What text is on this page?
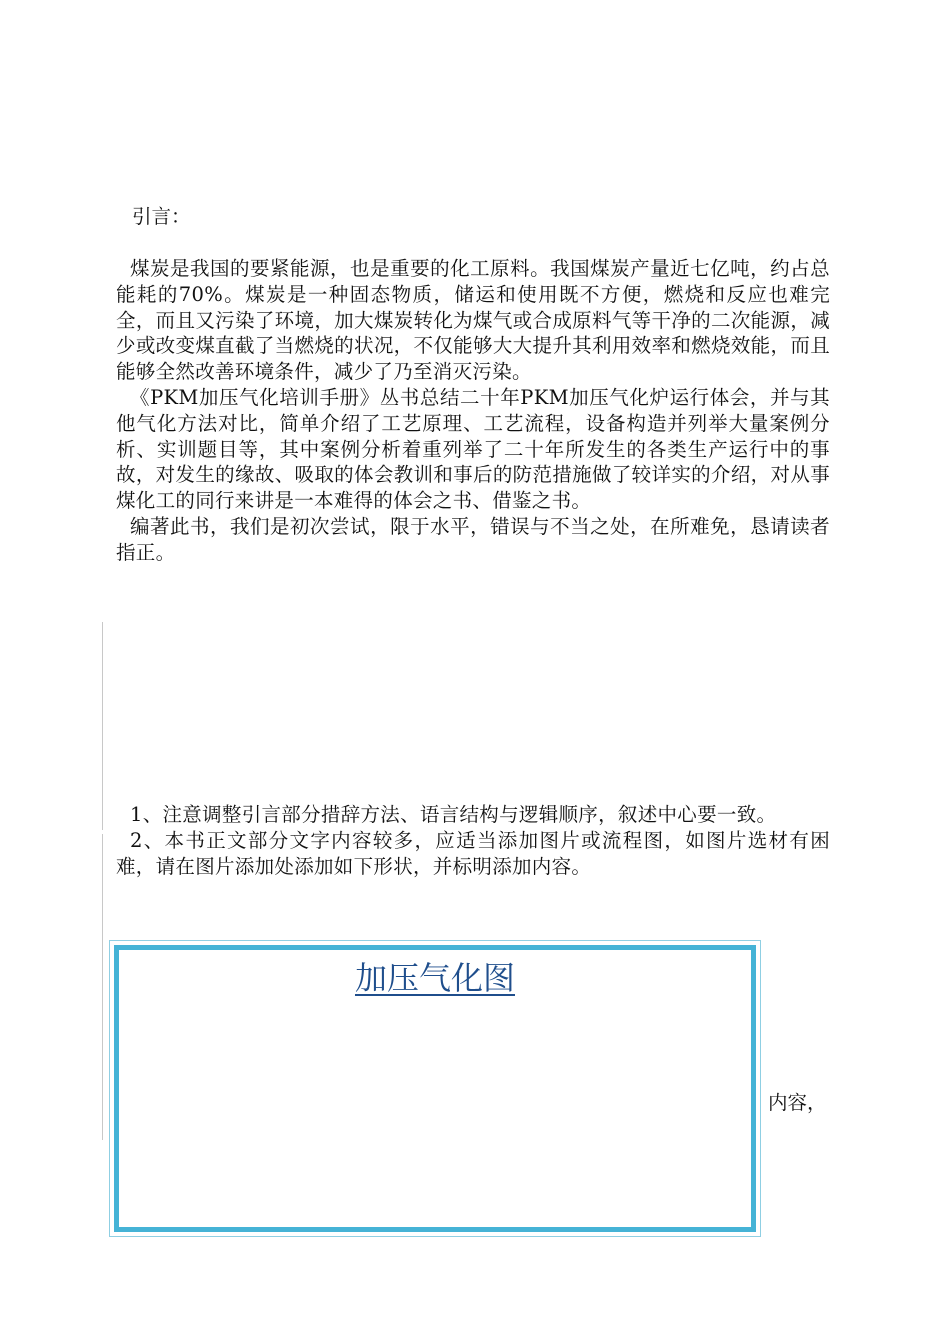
引言：

煤炭是我国的要紧能源，也是重要的化工原料。我国煤炭产量近七亿吨，约占总能耗的70%。煤炭是一种固态物质，储运和使用既不方便，燃烧和反应也难完全，而且又污染了环境，加大煤炭转化为煤气或合成原料气等干净的二次能源，减少或改变煤直截了当燃烧的状况，不仅能够大大提升其利用效率和燃烧效能，而且能够全然改善环境条件，减少了乃至消灭污染。

《PKM加压气化培训手册》丛书总结二十年PKM加压气化炉运行体会，并与其他气化方法对比，简单介绍了工艺原理、工艺流程，设备构造并列举大量案例分析、实训题目等，其中案例分析着重列举了二十年所发生的各类生产运行中的事故，对发生的缘故、吸取的体会教训和事后的防范措施做了较详实的介绍，对从事煤化工的同行来讲是一本难得的体会之书、借鉴之书。

编著此书，我们是初次尝试，限于水平，错误与不当之处，在所难免，恳请读者指正。

1、注意调整引言部分措辞方法、语言结构与逻辑顺序，叙述中心要一致。

2、本书正文部分文字内容较多，应适当添加图片或流程图，如图片选材有困难，请在图片添加处添加如下形状，并标明添加内容。

加压气化图
内容，
